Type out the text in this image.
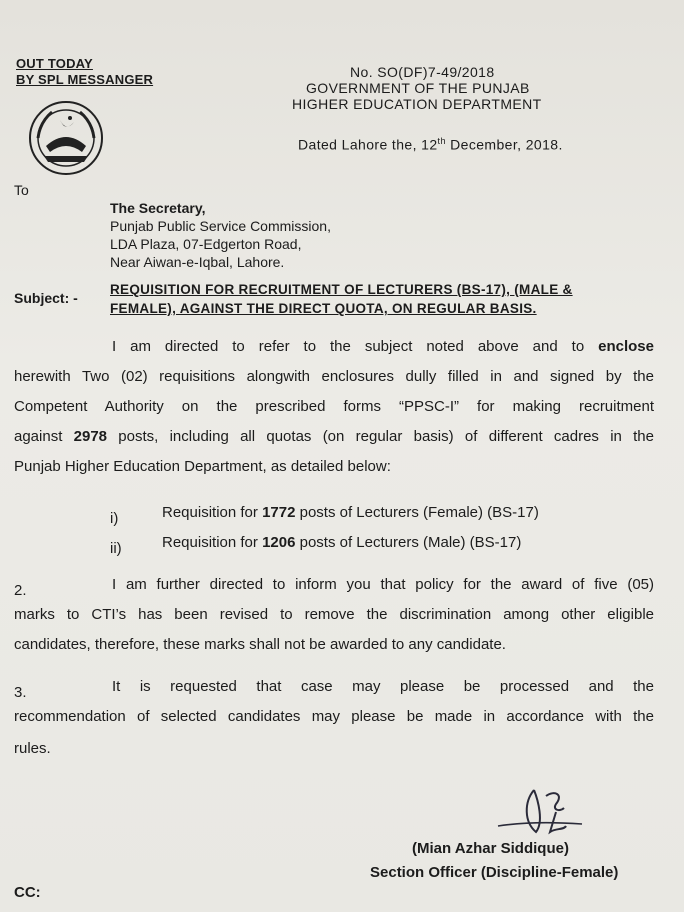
OUT TODAY
BY SPL MESSANGER	No. SO(DF)7-49/2018
GOVERNMENT OF THE PUNJAB
HIGHER EDUCATION DEPARTMENT
Dated Lahore the, 12th December, 2018.
To
The Secretary,
Punjab Public Service Commission,
LDA Plaza, 07-Edgerton Road,
Near Aiwan-e-Iqbal, Lahore.
Subject: -
REQUISITION FOR RECRUITMENT OF LECTURERS (BS-17), (MALE &
FEMALE), AGAINST THE DIRECT QUOTA, ON REGULAR BASIS.
I am directed to refer to the subject noted above and to enclose
herewith Two (02) requisitions alongwith enclosures dully filled in and signed by the
Competent Authority on the prescribed forms “PPSC-I” for making recruitment
against 2978 posts, including all quotas (on regular basis) of different cadres in the
Punjab Higher Education Department, as detailed below:
i)	Requisition for 1772 posts of Lecturers (Female) (BS-17)
ii)	Requisition for 1206 posts of Lecturers (Male) (BS-17)
2.	I am further directed to inform you that policy for the award of five (05)
marks to CTI’s has been revised to remove the discrimination among other eligible
candidates, therefore, these marks shall not be awarded to any candidate.
3.	It is requested that case may please be processed and the
recommendation of selected candidates may please be made in accordance with the
rules.
(Mian Azhar Siddique)
Section Officer (Discipline-Female)
CC:
